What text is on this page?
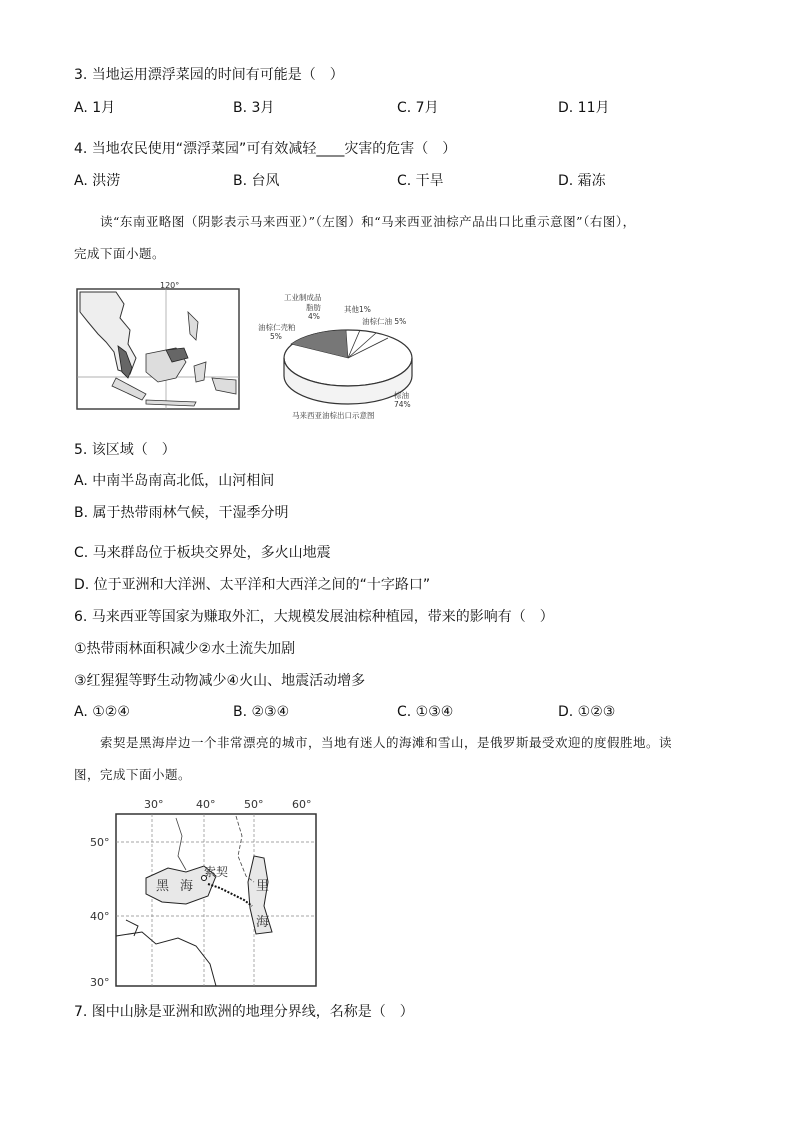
3. 当地运用漂浮菜园的时间有可能是（　）
A. 1月	B. 3月	C. 7月	D. 11月
4. 当地农民使用“漂浮菜园”可有效减轻____灾害的危害（　）
A. 洪涝	B. 台风	C. 干旱	D. 霜冻
读“东南亚略图（阴影表示马来西亚）”（左图）和“马来西亚油棕产品出口比重示意图”（右图），
完成下面小题。
120°
工业制成品
脂肪
4%
其他1%
油棕仁油 5%
油棕仁壳粕
5%
棕油
74%
马来西亚油棕出口示意图
5. 该区域（　）
A. 中南半岛南高北低，山河相间
B. 属于热带雨林气候，干湿季分明
C. 马来群岛位于板块交界处，多火山地震
D. 位于亚洲和大洋洲、太平洋和大西洋之间的“十字路口”
6. 马来西亚等国家为赚取外汇，大规模发展油棕种植园，带来的影响有（　）
①热带雨林面积减少②水土流失加剧
③红猩猩等野生动物减少④火山、地震活动增多
A. ①②④	B. ②③④	C. ①③④	D. ①②③
索契是黑海岸边一个非常漂亮的城市，当地有迷人的海滩和雪山，是俄罗斯最受欢迎的度假胜地。读
图，完成下面小题。
30°	40°	50°	60°
50°
40°
30°
黑 海
索契
里
海
7. 图中山脉是亚洲和欧洲的地理分界线，名称是（　）
